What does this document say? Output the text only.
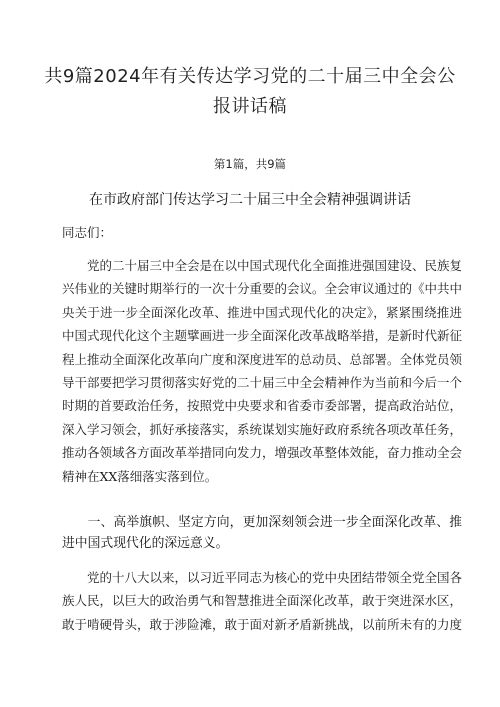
共9篇2024年有关传达学习党的二十届三中全会公报讲话稿
第1篇，共9篇
在市政府部门传达学习二十届三中全会精神强调讲话
同志们：

党的二十届三中全会是在以中国式现代化全面推进强国建设、民族复兴伟业的关键时期举行的一次十分重要的会议。全会审议通过的《中共中央关于进一步全面深化改革、推进中国式现代化的决定》，紧紧围绕推进中国式现代化这个主题擘画进一步全面深化改革战略举措，是新时代新征程上推动全面深化改革向广度和深度进军的总动员、总部署。全体党员领导干部要把学习贯彻落实好党的二十届三中全会精神作为当前和今后一个时期的首要政治任务，按照党中央要求和省委市委部署，提高政治站位，深入学习领会，抓好承接落实，系统谋划实施好政府系统各项改革任务，推动各领域各方面改革举措同向发力，增强改革整体效能，奋力推动全会精神在XX落细落实落到位。

一、高举旗帜、坚定方向，更加深刻领会进一步全面深化改革、推进中国式现代化的深远意义。

党的十八大以来，以习近平同志为核心的党中央团结带领全党全国各族人民，以巨大的政治勇气和智慧推进全面深化改革，敢于突进深水区，敢于啃硬骨头，敢于涉险滩，敢于面对新矛盾新挑战，以前所未有的力度
